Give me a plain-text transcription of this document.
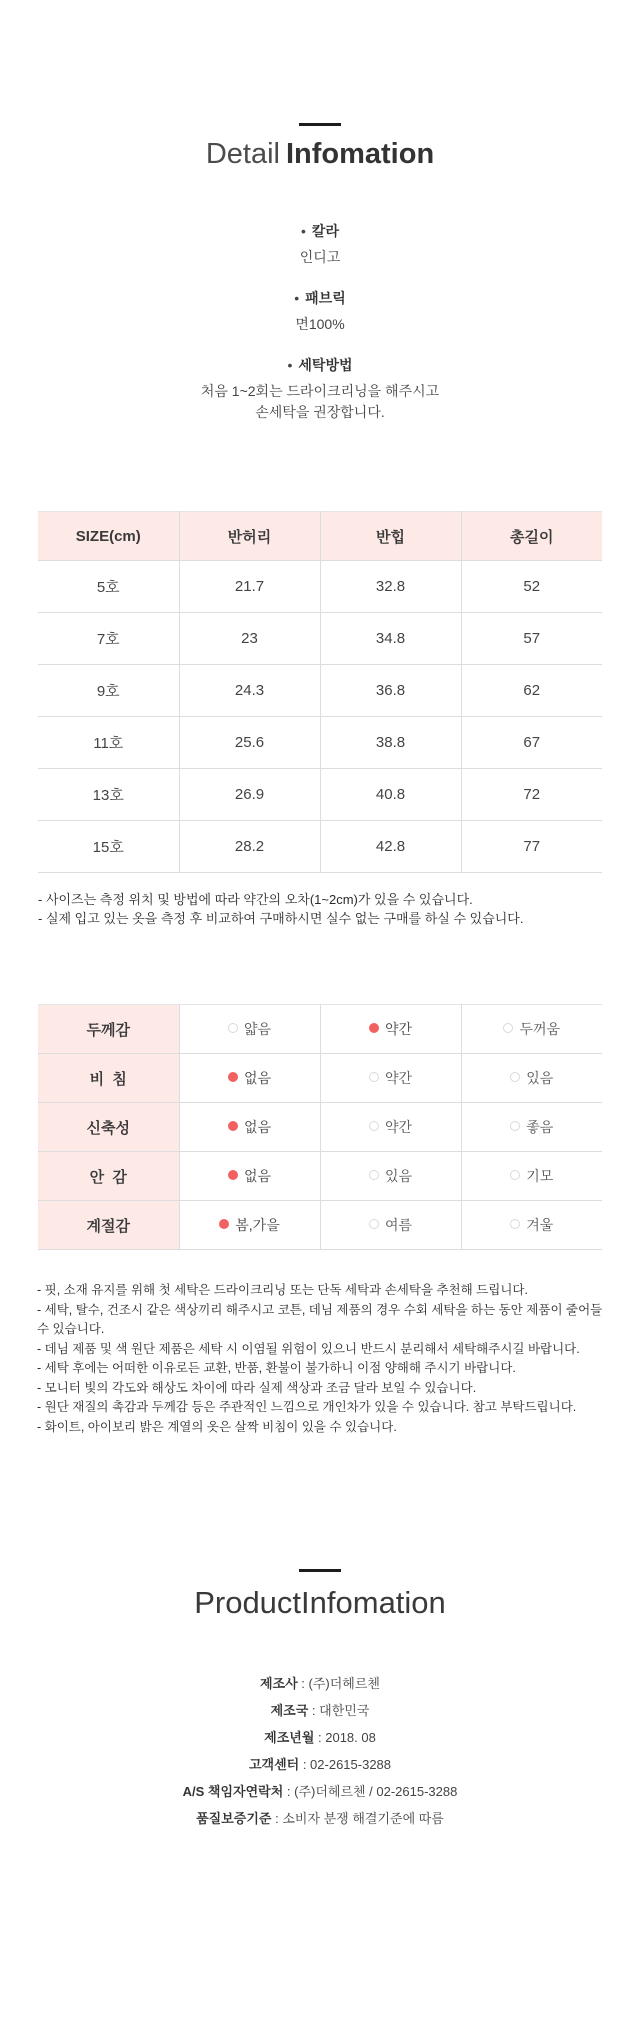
Detail Infomation
• 칼라
인디고
• 패브릭
면100%
• 세탁방법
처음 1~2회는 드라이크리닝을 해주시고
손세탁을 권장합니다.
SIZE(cm)	반허리	반힙	총길이
5호	21.7	32.8	52
7호	23	34.8	57
9호	24.3	36.8	62
11호	25.6	38.8	67
13호	26.9	40.8	72
15호	28.2	42.8	77
- 사이즈는 측정 위치 및 방법에 따라 약간의 오차(1~2cm)가 있을 수 있습니다.
- 실제 입고 있는 옷을 측정 후 비교하여 구매하시면 실수 없는 구매를 하실 수 있습니다.
두께감	얇음	약간	두꺼움
비  침	없음	약간	있음
신축성	없음	약간	좋음
안  감	없음	있음	기모
계절감	봄,가을	여름	겨울
- 핏, 소재 유지를 위해 첫 세탁은 드라이크리닝 또는 단독 세탁과 손세탁을 추천해 드립니다.
- 세탁, 탈수, 건조시 같은 색상끼리 해주시고 코튼, 데님 제품의 경우 수회 세탁을 하는 동안 제품이 줄어들 수 있습니다.
- 데님 제품 및 색 원단 제품은 세탁 시 이염될 위험이 있으니 반드시 분리해서 세탁해주시길 바랍니다.
- 세탁 후에는 어떠한 이유로든 교환, 반품, 환불이 불가하니 이점 양해해 주시기 바랍니다.
- 모니터 빛의 각도와 해상도 차이에 따라 실제 색상과 조금 달라 보일 수 있습니다.
- 원단 재질의 촉감과 두께감 등은 주관적인 느낌으로 개인차가 있을 수 있습니다. 참고 부탁드립니다.
- 화이트, 아이보리 밝은 계열의 옷은 살짝 비침이 있을 수 있습니다.
ProductInfomation
제조사 : (주)더헤르첸
제조국 : 대한민국
제조년월 : 2018. 08
고객센터 : 02-2615-3288
A/S 책임자연락처 : (주)더헤르첸 / 02-2615-3288
품질보증기준 : 소비자 분쟁 해결기준에 따름
